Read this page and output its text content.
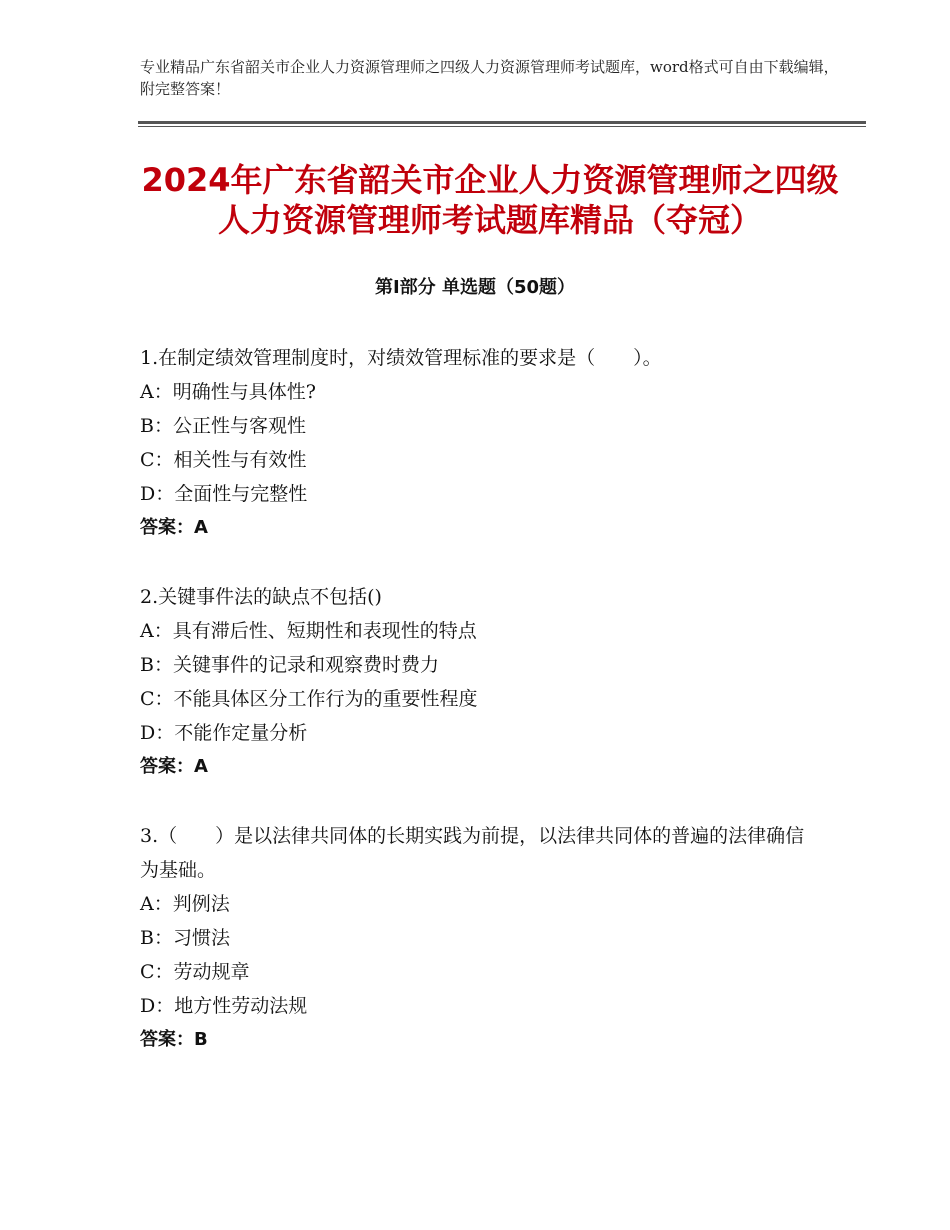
专业精品广东省韶关市企业人力资源管理师之四级人力资源管理师考试题库，word格式可自由下载编辑，附完整答案！
2024年广东省韶关市企业人力资源管理师之四级人力资源管理师考试题库精品（夺冠）
第Ⅰ部分 单选题（50题）

1.在制定绩效管理制度时，对绩效管理标准的要求是（　　）。

A：明确性与具体性?

B：公正性与客观性

C：相关性与有效性

D：全面性与完整性

答案：A

2.关键事件法的缺点不包括()

A：具有滞后性、短期性和表现性的特点

B：关键事件的记录和观察费时费力

C：不能具体区分工作行为的重要性程度

D：不能作定量分析

答案：A

3.（　　）是以法律共同体的长期实践为前提，以法律共同体的普遍的法律确信为基础。

A：判例法

B：习惯法

C：劳动规章

D：地方性劳动法规

答案：B
